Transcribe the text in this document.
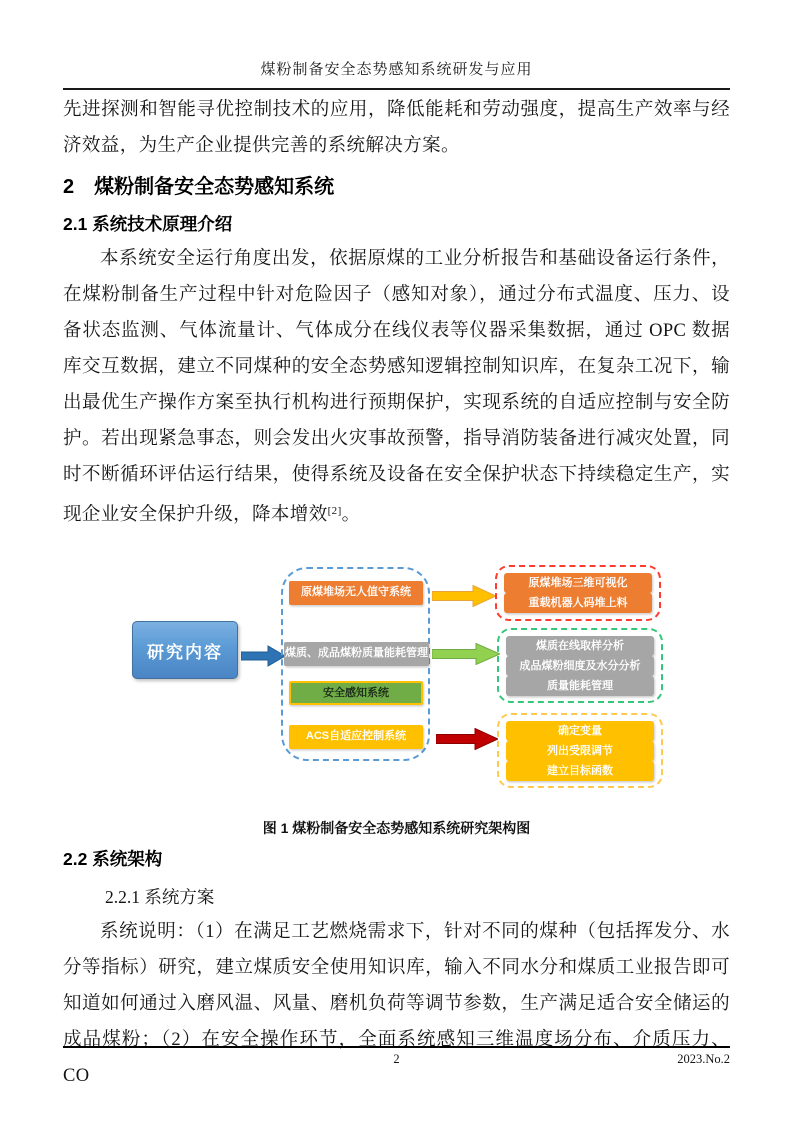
煤粉制备安全态势感知系统研发与应用

先进探测和智能寻优控制技术的应用，降低能耗和劳动强度，提高生产效率与经济效益，为生产企业提供完善的系统解决方案。

2　煤粉制备安全态势感知系统
2.1 系统技术原理介绍

本系统安全运行角度出发，依据原煤的工业分析报告和基础设备运行条件，在煤粉制备生产过程中针对危险因子（感知对象），通过分布式温度、压力、设备状态监测、气体流量计、气体成分在线仪表等仪器采集数据，通过 OPC 数据库交互数据，建立不同煤种的安全态势感知逻辑控制知识库，在复杂工况下，输出最优生产操作方案至执行机构进行预期保护，实现系统的自适应控制与安全防护。若出现紧急事态，则会发出火灾事故预警，指导消防装备进行减灾处置，同时不断循环评估运行结果，使得系统及设备在安全保护状态下持续稳定生产，实现企业安全保护升级，降本增效[2]。

研究内容
原煤堆场无人值守系统
煤质、成品煤粉质量能耗管理
安全感知系统
ACS自适应控制系统
原煤堆场三维可视化
重载机器人码堆上料
煤质在线取样分析
成品煤粉细度及水分分析
质量能耗管理
确定变量
列出受限调节
建立目标函数
图 1 煤粉制备安全态势感知系统研究架构图
2.2 系统架构
2.2.1 系统方案

系统说明：（1）在满足工艺燃烧需求下，针对不同的煤种（包括挥发分、水分等指标）研究，建立煤质安全使用知识库，输入不同水分和煤质工业报告即可知道如何通过入磨风温、风量、磨机负荷等调节参数，生产满足适合安全储运的成品煤粉；（2）在安全操作环节，全面系统感知三维温度场分布、介质压力、CO

2	2023.No.2
